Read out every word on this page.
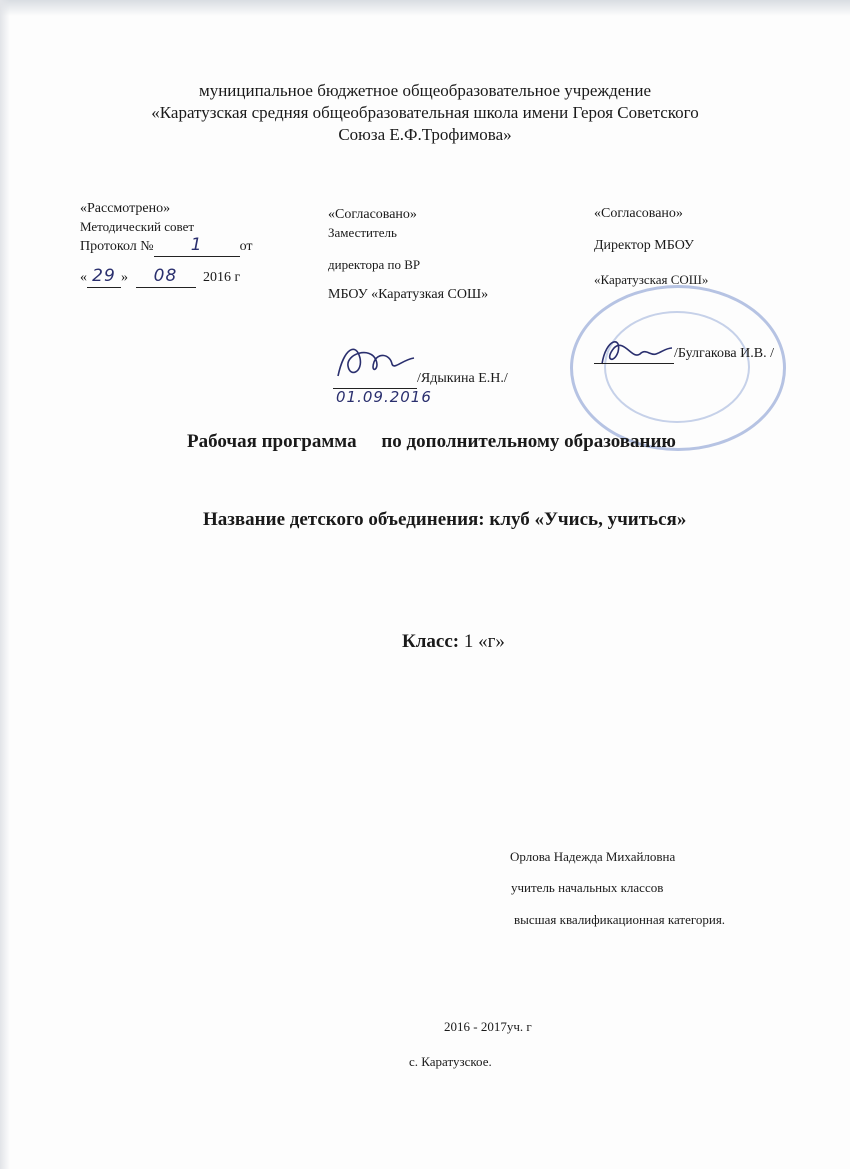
муниципальное бюджетное общеобразовательное учреждение
«Каратузская средняя общеобразовательная школа имени Героя Советского
Союза Е.Ф.Трофимова»
«Рассмотрено»
Методический совет
Протокол № 1	от
« 29 » 08 2016 г
«Согласовано»
Заместитель
директора по ВР
МБОУ «Каратузкая СОШ»
/Ядыкина Е.Н./
01.09.2016
«Согласовано»
Директор МБОУ
«Каратузская СОШ»
/Булгакова И.В. /
Рабочая программа по дополнительному образованию
Название детского объединения: клуб «Учись, учиться»
Класс: 1 «г»
Орлова Надежда Михайловна
учитель начальных классов
высшая квалификационная категория.
2016 - 2017уч. г
с. Каратузское.
